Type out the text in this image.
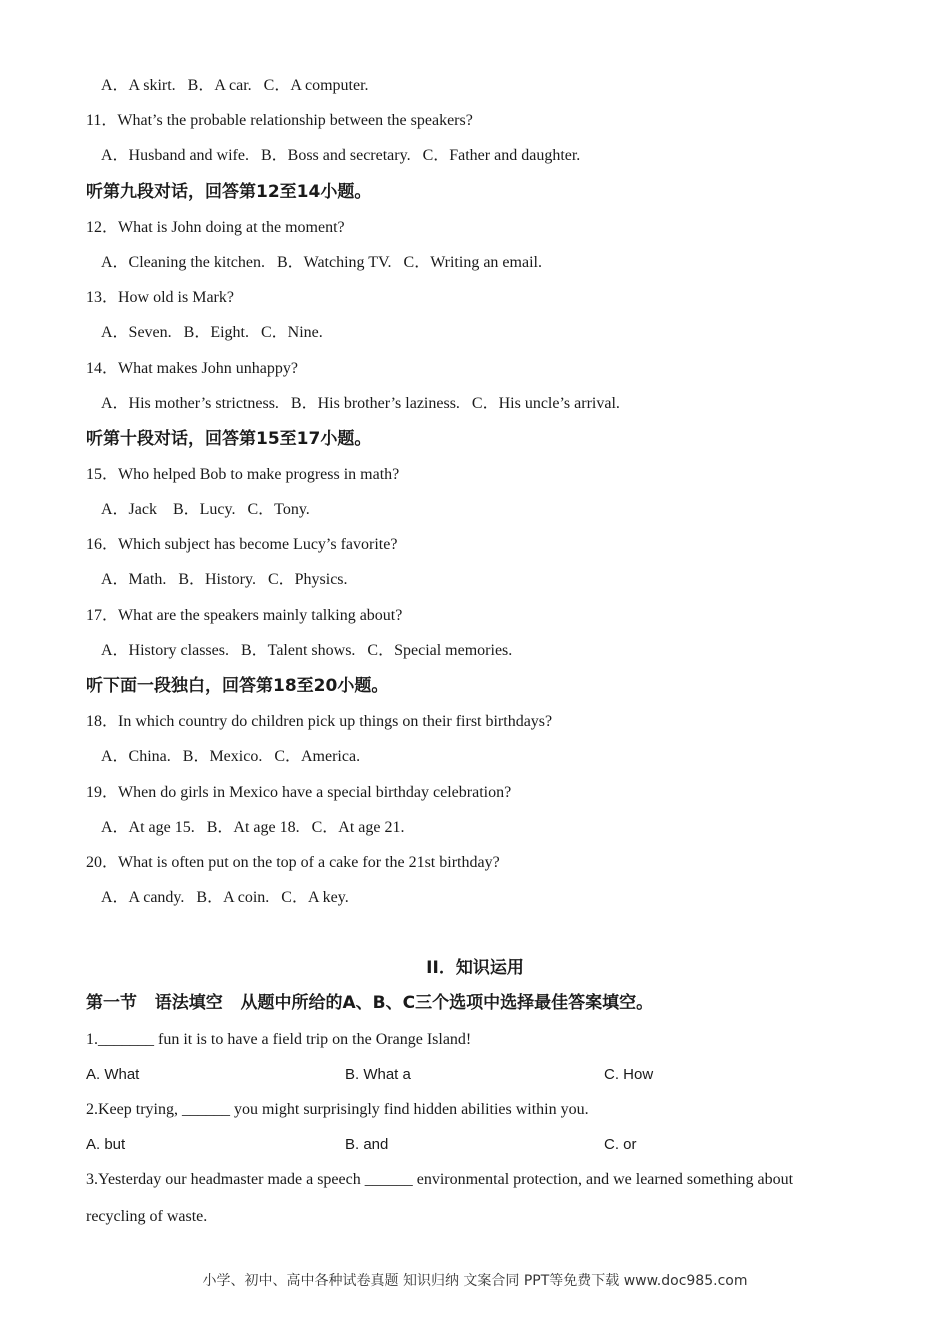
A．A skirt.   B．A car.   C．A computer.
11．What’s the probable relationship between the speakers?
A．Husband and wife.   B．Boss and secretary.   C．Father and daughter.
听第九段对话，回答第12至14小题。
12．What is John doing at the moment?
A．Cleaning the kitchen.   B．Watching TV.   C．Writing an email.
13．How old is Mark?
A．Seven.   B．Eight.   C．Nine.
14．What makes John unhappy?
A．His mother’s strictness.   B．His brother’s laziness.   C．His uncle’s arrival.
听第十段对话，回答第15至17小题。
15．Who helped Bob to make progress in math?
A．Jack    B．Lucy.   C．Tony.
16．Which subject has become Lucy’s favorite?
A．Math.   B．History.   C．Physics.
17．What are the speakers mainly talking about?
A．History classes.   B．Talent shows.   C．Special memories.
听下面一段独白，回答第18至20小题。
18．In which country do children pick up things on their first birthdays?
A．China.   B．Mexico.   C．America.
19．When do girls in Mexico have a special birthday celebration?
A．At age 15.   B．At age 18.   C．At age 21.
20．What is often put on the top of a cake for the 21st birthday?
A．A candy.   B．A coin.   C．A key.
II．知识运用
第一节   语法填空   从题中所给的A、B、C三个选项中选择最佳答案填空。
1._______ fun it is to have a field trip on the Orange Island!
2.Keep trying, ______ you might surprisingly find hidden abilities within you.
3.Yesterday our headmaster made a speech ______ environmental protection, and we learned something about
recycling of waste.
A. What	B. What a	C. How
A. but	B. and	C. or
小学、初中、高中各种试卷真题 知识归纳 文案合同 PPT等免费下载 www.doc985.com
